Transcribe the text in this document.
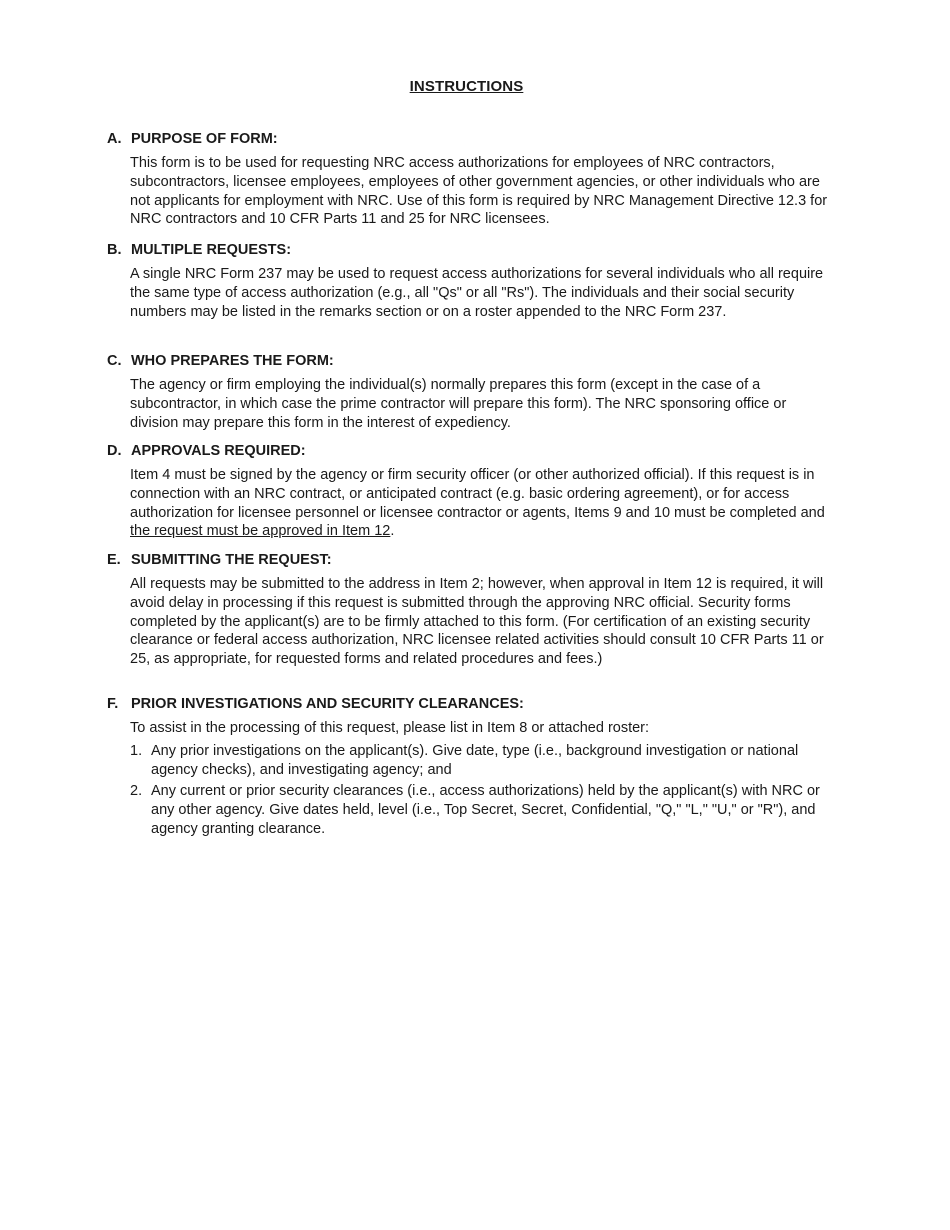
INSTRUCTIONS

A. PURPOSE OF FORM:

This form is to be used for requesting NRC access authorizations for employees of NRC contractors, subcontractors, licensee employees, employees of other government agencies, or other individuals who are not applicants for employment with NRC. Use of this form is required by NRC Management Directive 12.3 for NRC contractors and 10 CFR Parts 11 and 25 for NRC licensees.

B. MULTIPLE REQUESTS:

A single NRC Form 237 may be used to request access authorizations for several individuals who all require the same type of access authorization (e.g., all "Qs" or all "Rs"). The individuals and their social security numbers may be listed in the remarks section or on a roster appended to the NRC Form 237.

C. WHO PREPARES THE FORM:

The agency or firm employing the individual(s) normally prepares this form (except in the case of a subcontractor, in which case the prime contractor will prepare this form). The NRC sponsoring office or division may prepare this form in the interest of expediency.

D. APPROVALS REQUIRED:

Item 4 must be signed by the agency or firm security officer (or other authorized official). If this request is in connection with an NRC contract, or anticipated contract (e.g. basic ordering agreement), or for access authorization for licensee personnel or licensee contractor or agents, Items 9 and 10 must be completed and the request must be approved in Item 12.

E. SUBMITTING THE REQUEST:

All requests may be submitted to the address in Item 2; however, when approval in Item 12 is required, it will avoid delay in processing if this request is submitted through the approving NRC official. Security forms completed by the applicant(s) are to be firmly attached to this form. (For certification of an existing security clearance or federal access authorization, NRC licensee related activities should consult 10 CFR Parts 11 or 25, as appropriate, for requested forms and related procedures and fees.)

F. PRIOR INVESTIGATIONS AND SECURITY CLEARANCES:

To assist in the processing of this request, please list in Item 8 or attached roster:

1. Any prior investigations on the applicant(s). Give date, type (i.e., background investigation or national agency checks), and investigating agency; and
2. Any current or prior security clearances (i.e., access authorizations) held by the applicant(s) with NRC or any other agency. Give dates held, level (i.e., Top Secret, Secret, Confidential, "Q," "L," "U," or "R"), and agency granting clearance.
